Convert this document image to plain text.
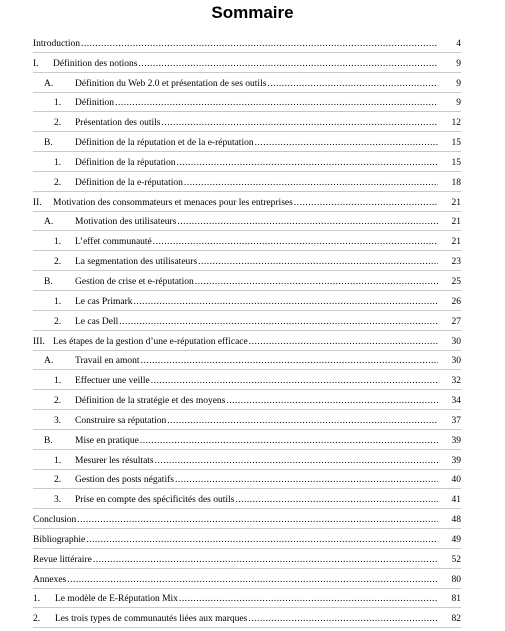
Sommaire
Introduction .....	4
I. Définition des notions .....	9
A. Définition du Web 2.0 et présentation de ses outils .....	9
1. Définition .....	9
2. Présentation des outils .....	12
B. Définition de la réputation et de la e-réputation .....	15
1. Définition de la réputation .....	15
2. Définition de la e-réputation .....	18
II. Motivation des consommateurs et menaces pour les entreprises .....	21
A. Motivation des utilisateurs .....	21
1. L’effet communauté .....	21
2. La segmentation des utilisateurs .....	23
B. Gestion de crise et e-réputation .....	25
1. Le cas Primark .....	26
2. Le cas Dell .....	27
III. Les étapes de la gestion d’une e-réputation efficace .....	30
A. Travail en amont .....	30
1. Effectuer une veille .....	32
2. Définition de la stratégie et des moyens .....	34
3. Construire sa réputation .....	37
B. Mise en pratique .....	39
1. Mesurer les résultats .....	39
2. Gestion des posts négatifs .....	40
3. Prise en compte des spécificités des outils .....	41
Conclusion .....	48
Bibliographie .....	49
Revue littéraire .....	52
Annexes .....	80
1. Le modèle de E-Réputation Mix .....	81
2. Les trois types de communautés liées aux marques .....	82
